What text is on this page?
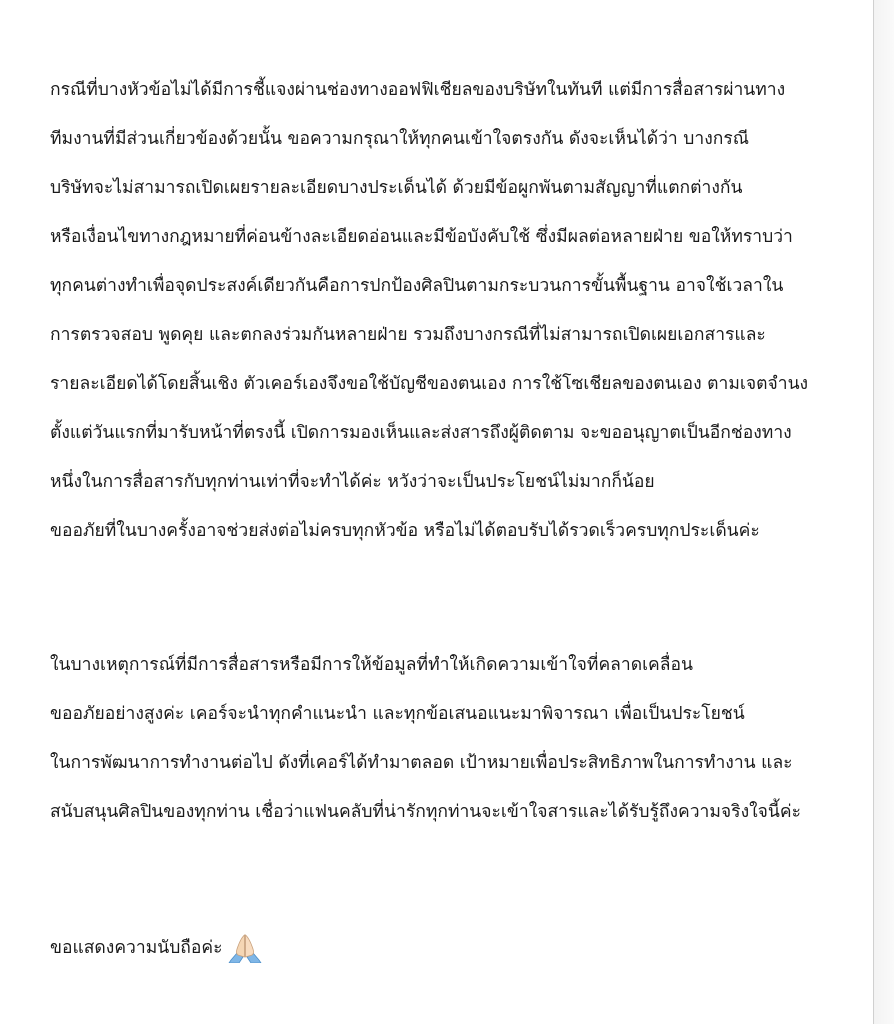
กรณีที่บางหัวข้อไม่ได้มีการชี้แจงผ่านช่องทางออฟฟิเชียลของบริษัทในทันที แต่มีการสื่อสารผ่านทาง

ทีมงานที่มีส่วนเกี่ยวข้องด้วยนั้น ขอความกรุณาให้ทุกคนเข้าใจตรงกัน ดังจะเห็นได้ว่า บางกรณี

บริษัทจะไม่สามารถเปิดเผยรายละเอียดบางประเด็นได้ ด้วยมีข้อผูกพันตามสัญญาที่แตกต่างกัน

หรือเงื่อนไขทางกฎหมายที่ค่อนข้างละเอียดอ่อนและมีข้อบังคับใช้ ซึ่งมีผลต่อหลายฝ่าย ขอให้ทราบว่า

ทุกคนต่างทำเพื่อจุดประสงค์เดียวกันคือการปกป้องศิลปินตามกระบวนการขั้นพื้นฐาน อาจใช้เวลาใน

การตรวจสอบ พูดคุย และตกลงร่วมกันหลายฝ่าย รวมถึงบางกรณีที่ไม่สามารถเปิดเผยเอกสารและ

รายละเอียดได้โดยสิ้นเชิง ตัวเคอร์เองจึงขอใช้บัญชีของตนเอง การใช้โซเชียลของตนเอง ตามเจตจำนง

ตั้งแต่วันแรกที่มารับหน้าที่ตรงนี้ เปิดการมองเห็นและส่งสารถึงผู้ติดตาม จะขออนุญาตเป็นอีกช่องทาง

หนึ่งในการสื่อสารกับทุกท่านเท่าที่จะทำได้ค่ะ หวังว่าจะเป็นประโยชน์ไม่มากก็น้อย

ขออภัยที่ในบางครั้งอาจช่วยส่งต่อไม่ครบทุกหัวข้อ หรือไม่ได้ตอบรับได้รวดเร็วครบทุกประเด็นค่ะ

ในบางเหตุการณ์ที่มีการสื่อสารหรือมีการให้ข้อมูลที่ทำให้เกิดความเข้าใจที่คลาดเคลื่อน

ขออภัยอย่างสูงค่ะ เคอร์จะนำทุกคำแนะนำ และทุกข้อเสนอแนะมาพิจารณา เพื่อเป็นประโยชน์

ในการพัฒนาการทำงานต่อไป ดังที่เคอร์ได้ทำมาตลอด เป้าหมายเพื่อประสิทธิภาพในการทำงาน และ

สนับสนุนศิลปินของทุกท่าน เชื่อว่าแฟนคลับที่น่ารักทุกท่านจะเข้าใจสารและได้รับรู้ถึงความจริงใจนี้ค่ะ

ขอแสดงความนับถือค่ะ
